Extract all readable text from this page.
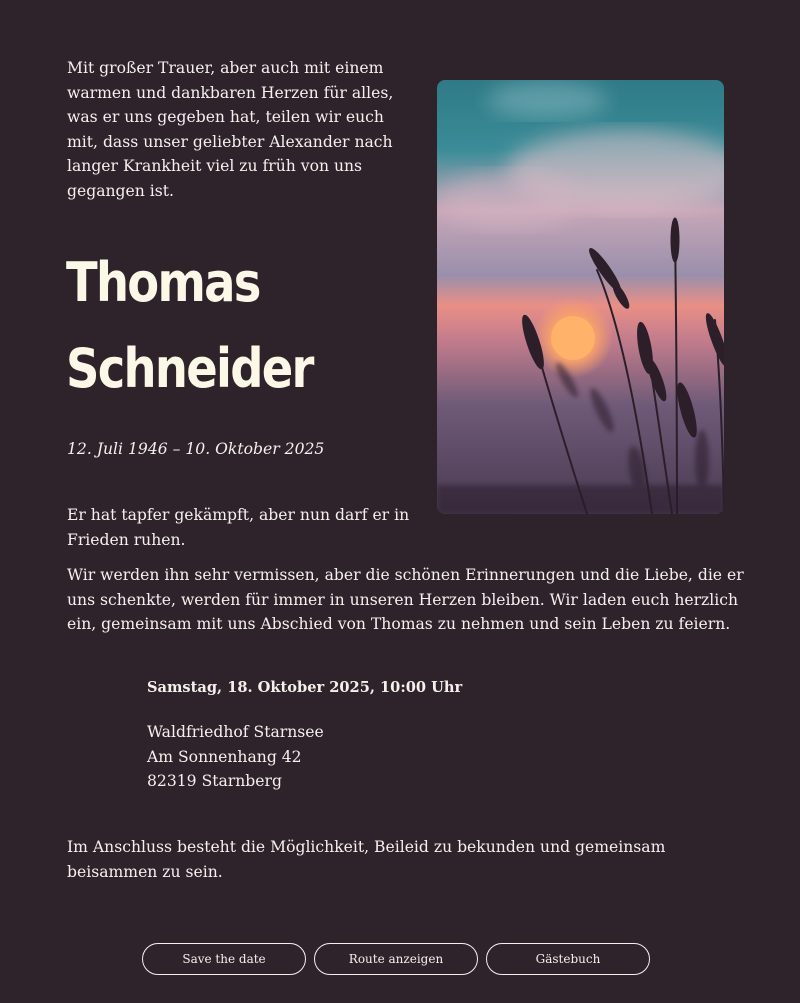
Mit großer Trauer, aber auch mit einem warmen und dankbaren Herzen für alles, was er uns gegeben hat, teilen wir euch mit, dass unser geliebter Alexander nach langer Krankheit viel zu früh von uns gegangen ist.

Thomas
Schneider

12. Juli 1946 – 10. Oktober 2025

Er hat tapfer gekämpft, aber nun darf er in Frieden ruhen.

Wir werden ihn sehr vermissen, aber die schönen Erinnerungen und die Liebe, die er uns schenkte, werden für immer in unseren Herzen bleiben. Wir laden euch herzlich ein, gemeinsam mit uns Abschied von Thomas zu nehmen und sein Leben zu feiern.

Samstag, 18. Oktober 2025, 10:00 Uhr

Waldfriedhof Starnsee
Am Sonnenhang 42
82319 Starnberg

Im Anschluss besteht die Möglichkeit, Beileid zu bekunden und gemeinsam beisammen zu sein.

Save the date	Route anzeigen	Gästebuch
